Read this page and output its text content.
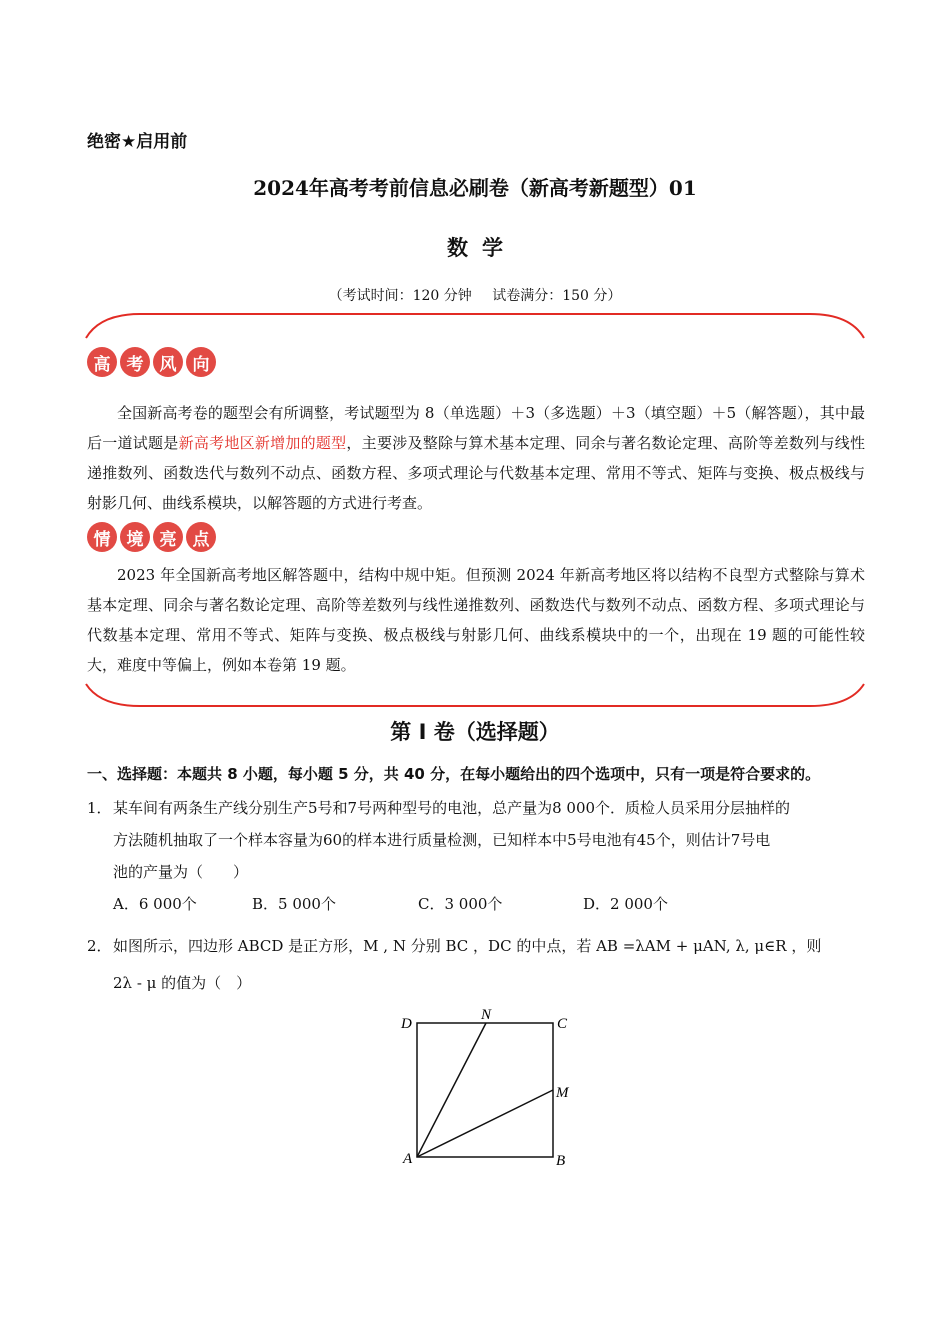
绝密★启用前
2024年高考考前信息必刷卷（新高考新题型）01
数学
（考试时间：120 分钟 试卷满分：150 分）
高 考 风 向
全国新高考卷的题型会有所调整，考试题型为 8（单选题）＋3（多选题）＋3（填空题）＋5（解答题），其中最后一道试题是新高考地区新增加的题型，主要涉及整除与算术基本定理、同余与著名数论定理、高阶等差数列与线性递推数列、函数迭代与数列不动点、函数方程、多项式理论与代数基本定理、常用不等式、矩阵与变换、极点极线与射影几何、曲线系模块，以解答题的方式进行考查。
情 境 亮 点
2023 年全国新高考地区解答题中，结构中规中矩。但预测 2024 年新高考地区将以结构不良型方式整除与算术基本定理、同余与著名数论定理、高阶等差数列与线性递推数列、函数迭代与数列不动点、函数方程、多项式理论与代数基本定理、常用不等式、矩阵与变换、极点极线与射影几何、曲线系模块中的一个，出现在 19 题的可能性较大，难度中等偏上，例如本卷第 19 题。
第 I 卷（选择题）
一、选择题：本题共 8 小题，每小题 5 分，共 40 分，在每小题给出的四个选项中，只有一项是符合要求的。
1． 某车间有两条生产线分别生产5号和7号两种型号的电池，总产量为8 000个．质检人员采用分层抽样的
方法随机抽取了一个样本容量为60的样本进行质量检测，已知样本中5号电池有45个，则估计7号电
池的产量为（　　）
A．6 000个	B．5 000个	C．3 000个	D．2 000个
2． 如图所示，四边形 ABCD 是正方形，M , N 分别 BC ，DC 的中点，若 AB =λAM + μAN, λ, μ∈R ，则
2λ - μ 的值为（　）
D
N
C
M
A	B
